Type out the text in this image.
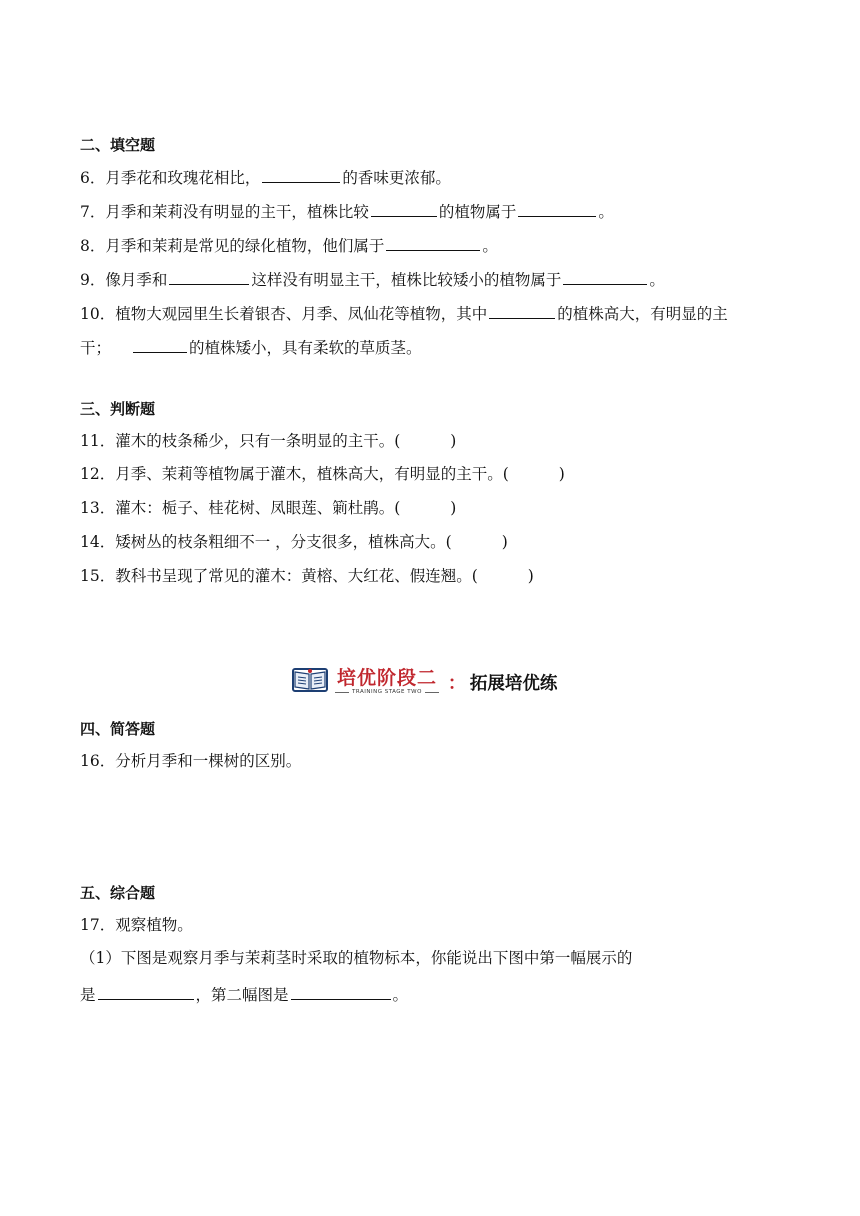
二、填空题
6．月季花和玫瑰花相比，	的香味更浓郁。
7．月季和茉莉没有明显的主干，植株比较	的植物属于	。
8．月季和茉莉是常见的绿化植物，他们属于	。
9．像月季和	这样没有明显主干，植株比较矮小的植物属于	。
10．植物大观园里生长着银杏、月季、凤仙花等植物，其中	的植株高大，有明显的主
干；	的植株矮小，具有柔软的草质茎。
三、判断题
11．灌木的枝条稀少，只有一条明显的主干。(	)
12．月季、茉莉等植物属于灌木，植株高大，有明显的主干。(	)
13．灌木：栀子、桂花树、凤眼莲、箣杜鹃。(	)
14．矮树丛的枝条粗细不一 ，分支很多，植株高大。(	)
15．教科书呈现了常见的灌木：黄榕、大红花、假连翘。(	)
培优阶段二
TRAINING STAGE TWO	： 拓展培优练
四、简答题
16．分析月季和一棵树的区别。
五、综合题
17．观察植物。
（1）下图是观察月季与茉莉茎时采取的植物标本，你能说出下图中第一幅展示的
是	，第二幅图是	。
